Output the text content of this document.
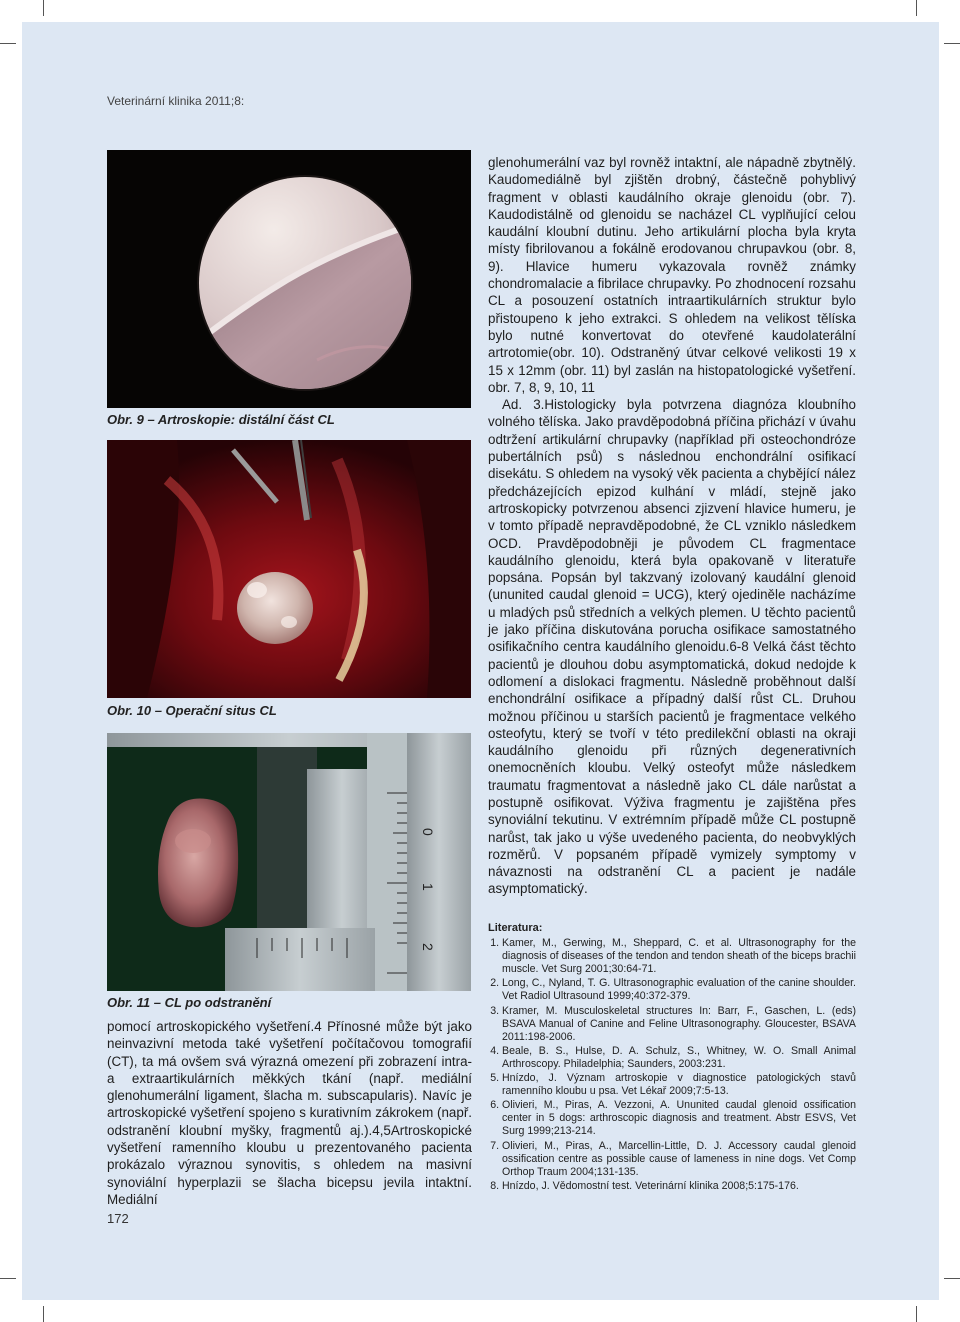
Veterinární klinika 2011;8:
Obr. 9 – Artroskopie: distální část CL
Obr. 10 – Operační situs CL
0
1
2
Obr. 11 – CL po odstranění

pomocí artroskopického vyšetření.4 Přínosné může být jako neinvazivní metoda také vyšetření počítačovou tomografií (CT), ta má ovšem svá výrazná omezení při zobrazení intra- a extraartikulárních měkkých tkání (např. mediální glenohumerální ligament, šlacha m. subscapularis). Navíc je artroskopické vyšetření spojeno s kurativním zákrokem (např. odstranění kloubní myšky, fragmentů aj.).4,5Artroskopické vyšetření ramenního kloubu u prezentovaného pacienta prokázalo výraznou synovitis, s ohledem na masivní synoviální hyperplazii se šlacha bicepsu jevila intaktní. Mediální

glenohumerální vaz byl rovněž intaktní, ale nápadně zbytnělý. Kaudomediálně byl zjištěn drobný, částečně pohyblivý fragment v oblasti kaudálního okraje glenoidu (obr. 7). Kaudodistálně od glenoidu se nacházel CL vyplňující celou kaudální kloubní dutinu. Jeho artikulární plocha byla kryta místy fibrilovanou a fokálně erodovanou chrupavkou (obr. 8, 9). Hlavice humeru vykazovala rovněž známky chondromalacie a fibrilace chrupavky. Po zhodnocení rozsahu CL a posouzení ostatních intraartikulárních struktur bylo přistoupeno k jeho extrakci. S ohledem na velikost tělíska bylo nutné konvertovat do otevřené kaudolaterální artrotomie(obr. 10). Odstraněný útvar celkové velikosti 19 x 15 x 12mm (obr. 11) byl zaslán na histopatologické vyšetření. obr. 7, 8, 9, 10, 11

Ad. 3.Histologicky byla potvrzena diagnóza kloubního volného tělíska. Jako pravděpodobná příčina přichází v úvahu odtržení artikulární chrupavky (například při osteochondróze pubertálních psů) s následnou enchondrální osifikací disekátu. S ohledem na vysoký věk pacienta a chybějící nález předcházejících epizod kulhání v mládí, stejně jako artroskopicky potvrzenou absenci zjizvení hlavice humeru, je v tomto případě nepravděpodobné, že CL vzniklo následkem OCD. Pravděpodobněji je původem CL fragmentace kaudálního glenoidu, která byla opakovaně v literatuře popsána. Popsán byl takzvaný izolovaný kaudální glenoid (ununited caudal glenoid = UCG), který ojediněle nacházíme u mladých psů středních a velkých plemen. U těchto pacientů je jako příčina diskutována porucha osifikace samostatného osifikačního centra kaudálního glenoidu.6-8 Velká část těchto pacientů je dlouhou dobu asymptomatická, dokud nedojde k odlomení a dislokaci fragmentu. Následně proběhnout další enchondrální osifikace a případný další růst CL. Druhou možnou příčinou u starších pacientů je fragmentace velkého osteofytu, který se tvoří v této predilekční oblasti na okraji kaudálního glenoidu při různých degenerativních onemocněních kloubu. Velký osteofyt může následkem traumatu fragmentovat a následně jako CL dále narůstat a postupně osifikovat. Výživa fragmentu je zajištěna přes synoviální tekutinu. V extrémním případě může CL postupně narůst, tak jako u výše uvedeného pacienta, do neobvyklých rozměrů. V popsaném případě vymizely symptomy v návaznosti na odstranění CL a pacient je nadále asymptomatický.

Literatura:
1. Kamer, M., Gerwing, M., Sheppard, C. et al. Ultrasonography for the diagnosis of diseases of the tendon and tendon sheath of the biceps brachii muscle. Vet Surg 2001;30:64-71.
2. Long, C., Nyland, T. G. Ultrasonographic evaluation of the canine shoulder. Vet Radiol Ultrasound 1999;40:372-379.
3. Kramer, M. Musculoskeletal structures In: Barr, F., Gaschen, L. (eds) BSAVA Manual of Canine and Feline Ultrasonography. Gloucester, BSAVA 2011:198-2006.
4. Beale, B. S., Hulse, D. A. Schulz, S., Whitney, W. O. Small Animal Arthroscopy. Philadelphia; Saunders, 2003:231.
5. Hnízdo, J. Význam artroskopie v diagnostice patologických stavů ramenního kloubu u psa. Vet Lékař 2009;7:5-13.
6. Olivieri, M., Piras, A. Vezzoni, A. Ununited caudal glenoid ossification center in 5 dogs: arthroscopic diagnosis and treatment. Abstr ESVS, Vet Surg 1999;213-214.
7. Olivieri, M., Piras, A., Marcellin-Little, D. J. Accessory caudal glenoid ossification centre as possible cause of lameness in nine dogs. Vet Comp Orthop Traum 2004;131-135.
8. Hnízdo, J. Vědomostní test. Veterinární klinika 2008;5:175-176.
172
